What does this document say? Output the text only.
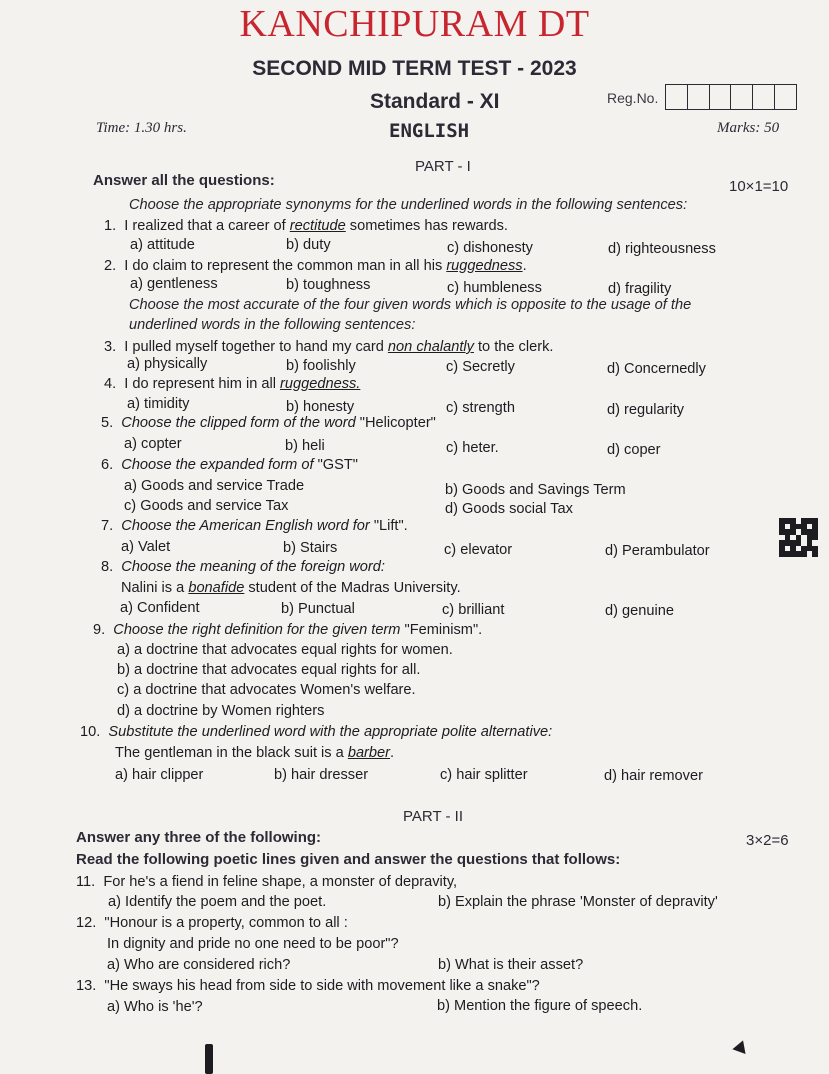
KANCHIPURAM DT
SECOND MID TERM TEST - 2023
Standard - XI	Reg.No.
Time: 1.30 hrs.	ENGLISH	Marks: 50
PART - I
Answer all the questions:	10×1=10
Choose the appropriate synonyms for the underlined words in the following sentences:
1. I realized that a career of rectitude sometimes has rewards.
a) attitude	b) duty	c) dishonesty	d) righteousness
2. I do claim to represent the common man in all his ruggedness.
a) gentleness	b) toughness	c) humbleness	d) fragility
Choose the most accurate of the four given words which is opposite to the usage of the
underlined words in the following sentences:
3. I pulled myself together to hand my card non chalantly to the clerk.
a) physically	b) foolishly	c) Secretly	d) Concernedly
4. I do represent him in all ruggedness.
a) timidity	b) honesty	c) strength	d) regularity
5. Choose the clipped form of the word "Helicopter"
a) copter	b) heli	c) heter.	d) coper
6. Choose the expanded form of "GST"
a) Goods and service Trade	b) Goods and Savings Term
c) Goods and service Tax	d) Goods social Tax
7. Choose the American English word for "Lift".
a) Valet	b) Stairs	c) elevator	d) Perambulator
8. Choose the meaning of the foreign word:
Nalini is a bonafide student of the Madras University.
a) Confident	b) Punctual	c) brilliant	d) genuine
9. Choose the right definition for the given term "Feminism".
a) a doctrine that advocates equal rights for women.
b) a doctrine that advocates equal rights for all.
c) a doctrine that advocates Women's welfare.
d) a doctrine by Women righters
10. Substitute the underlined word with the appropriate polite alternative:
The gentleman in the black suit is a barber.
a) hair clipper	b) hair dresser	c) hair splitter	d) hair remover
PART - II
Answer any three of the following:	3×2=6
Read the following poetic lines given and answer the questions that follows:
11. For he's a fiend in feline shape, a monster of depravity,
a) Identify the poem and the poet.	b) Explain the phrase 'Monster of depravity'
12. "Honour is a property, common to all :
In dignity and pride no one need to be poor"?
a) Who are considered rich?	b) What is their asset?
13. "He sways his head from side to side with movement like a snake"?
a) Who is 'he'?	b) Mention the figure of speech.
